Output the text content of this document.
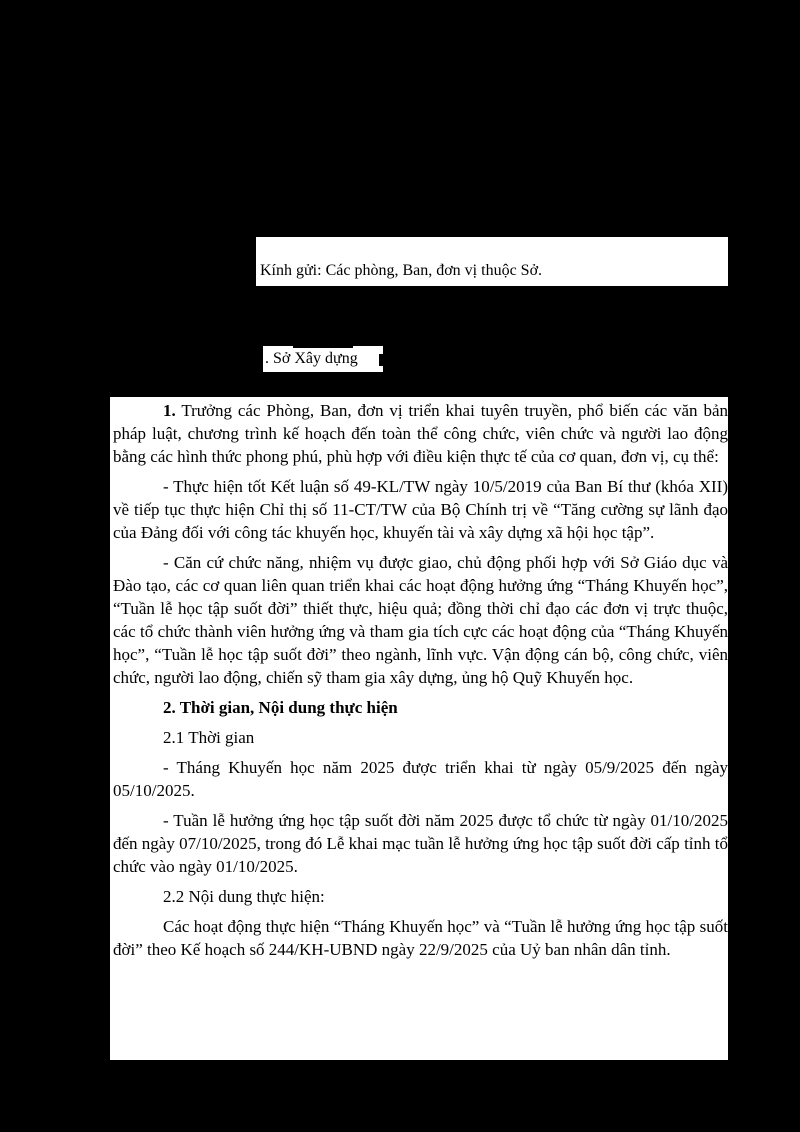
Kính gửi: Các phòng, Ban, đơn vị thuộc Sở.
. Sở Xây dựng

1. Trưởng các Phòng, Ban, đơn vị triển khai tuyên truyền, phổ biến các văn bản pháp luật, chương trình kế hoạch đến toàn thể công chức, viên chức và người lao động bằng các hình thức phong phú, phù hợp với điều kiện thực tế của cơ quan, đơn vị, cụ thể:

- Thực hiện tốt Kết luận số 49-KL/TW ngày 10/5/2019 của Ban Bí thư (khóa XII) về tiếp tục thực hiện Chỉ thị số 11-CT/TW của Bộ Chính trị về “Tăng cường sự lãnh đạo của Đảng đối với công tác khuyến học, khuyến tài và xây dựng xã hội học tập”.

- Căn cứ chức năng, nhiệm vụ được giao, chủ động phối hợp với Sở Giáo dục và Đào tạo, các cơ quan liên quan triển khai các hoạt động hưởng ứng “Tháng Khuyến học”, “Tuần lễ học tập suốt đời” thiết thực, hiệu quả; đồng thời chỉ đạo các đơn vị trực thuộc, các tổ chức thành viên hưởng ứng và tham gia tích cực các hoạt động của “Tháng Khuyến học”, “Tuần lễ học tập suốt đời” theo ngành, lĩnh vực. Vận động cán bộ, công chức, viên chức, người lao động, chiến sỹ tham gia xây dựng, ủng hộ Quỹ Khuyến học.

2. Thời gian, Nội dung thực hiện

2.1 Thời gian

- Tháng Khuyến học năm 2025 được triển khai từ ngày 05/9/2025 đến ngày 05/10/2025.

- Tuần lễ hưởng ứng học tập suốt đời năm 2025 được tổ chức từ ngày 01/10/2025 đến ngày 07/10/2025, trong đó Lễ khai mạc tuần lễ hưởng ứng học tập suốt đời cấp tỉnh tổ chức vào ngày 01/10/2025.

2.2 Nội dung thực hiện:

Các hoạt động thực hiện “Tháng Khuyến học” và “Tuần lễ hưởng ứng học tập suốt đời” theo Kế hoạch số 244/KH-UBND ngày 22/9/2025 của Uỷ ban nhân dân tỉnh.
